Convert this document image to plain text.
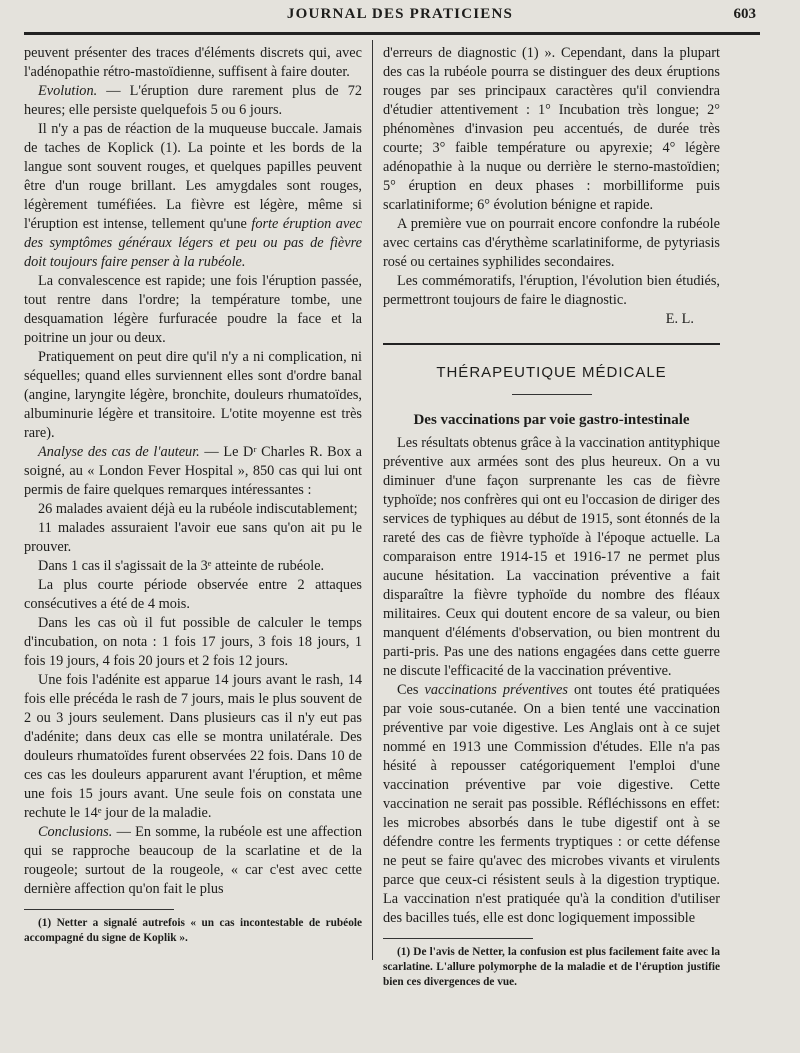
JOURNAL DES PRATICIENS	603

peuvent présenter des traces d'éléments discrets qui, avec l'adénopathie rétro-mastoïdienne, suffisent à faire douter.

Evolution. — L'éruption dure rarement plus de 72 heures; elle persiste quelquefois 5 ou 6 jours.

Il n'y a pas de réaction de la muqueuse buccale. Jamais de taches de Koplick (1). La pointe et les bords de la langue sont souvent rouges, et quelques papilles peuvent être d'un rouge brillant. Les amygdales sont rouges, légèrement tuméfiées. La fièvre est légère, même si l'éruption est intense, tellement qu'une forte éruption avec des symptômes généraux légers et peu ou pas de fièvre doit toujours faire penser à la rubéole.

La convalescence est rapide; une fois l'éruption passée, tout rentre dans l'ordre; la température tombe, une desquamation légère furfuracée poudre la face et la poitrine un jour ou deux.

Pratiquement on peut dire qu'il n'y a ni complication, ni séquelles; quand elles surviennent elles sont d'ordre banal (angine, laryngite légère, bronchite, douleurs rhumatoïdes, albuminurie légère et transitoire. L'otite moyenne est très rare).

Analyse des cas de l'auteur. — Le Dʳ Charles R. Box a soigné, au « London Fever Hospital », 850 cas qui lui ont permis de faire quelques remarques intéressantes :

26 malades avaient déjà eu la rubéole indiscutablement;

11 malades assuraient l'avoir eue sans qu'on ait pu le prouver.

Dans 1 cas il s'agissait de la 3ᵉ atteinte de rubéole.

La plus courte période observée entre 2 attaques consécutives a été de 4 mois.

Dans les cas où il fut possible de calculer le temps d'incubation, on nota : 1 fois 17 jours, 3 fois 18 jours, 1 fois 19 jours, 4 fois 20 jours et 2 fois 12 jours.

Une fois l'adénite est apparue 14 jours avant le rash, 14 fois elle précéda le rash de 7 jours, mais le plus souvent de 2 ou 3 jours seulement. Dans plusieurs cas il n'y eut pas d'adénite; dans deux cas elle se montra unilatérale. Des douleurs rhumatoïdes furent observées 22 fois. Dans 10 de ces cas les douleurs apparurent avant l'éruption, et même une fois 15 jours avant. Une seule fois on constata une rechute le 14ᵉ jour de la maladie.

Conclusions. — En somme, la rubéole est une affection qui se rapproche beaucoup de la scarlatine et de la rougeole; surtout de la rougeole, « car c'est avec cette dernière affection qu'on fait le plus

(1) Netter a signalé autrefois « un cas incontestable de rubéole accompagné du signe de Koplik ».

d'erreurs de diagnostic (1) ». Cependant, dans la plupart des cas la rubéole pourra se distinguer des deux éruptions rouges par ses principaux caractères qu'il conviendra d'étudier attentivement : 1° Incubation très longue; 2° phénomènes d'invasion peu accentués, de durée très courte; 3° faible température ou apyrexie; 4° légère adénopathie à la nuque ou derrière le sterno-mastoïdien; 5° éruption en deux phases : morbilliforme puis scarlatiniforme; 6° évolution bénigne et rapide.

A première vue on pourrait encore confondre la rubéole avec certains cas d'érythème scarlatiniforme, de pytyriasis rosé ou certaines syphilides secondaires.

Les commémoratifs, l'éruption, l'évolution bien étudiés, permettront toujours de faire le diagnostic.

E. L.

THÉRAPEUTIQUE MÉDICALE

Des vaccinations par voie gastro-intestinale

Les résultats obtenus grâce à la vaccination antityphique préventive aux armées sont des plus heureux. On a vu diminuer d'une façon surprenante les cas de fièvre typhoïde; nos confrères qui ont eu l'occasion de diriger des services de typhiques au début de 1915, sont étonnés de la rareté des cas de fièvre typhoïde à l'époque actuelle. La comparaison entre 1914-15 et 1916-17 ne permet plus aucune hésitation. La vaccination préventive a fait disparaître la fièvre typhoïde du nombre des fléaux militaires. Ceux qui doutent encore de sa valeur, ou bien manquent d'éléments d'observation, ou bien montrent du parti-pris. Pas une des nations engagées dans cette guerre ne discute l'efficacité de la vaccination préventive.

Ces vaccinations préventives ont toutes été pratiquées par voie sous-cutanée. On a bien tenté une vaccination préventive par voie digestive. Les Anglais ont à ce sujet nommé en 1913 une Commission d'études. Elle n'a pas hésité à repousser catégoriquement l'emploi d'une vaccination préventive par voie digestive. Cette vaccination ne serait pas possible. Réfléchissons en effet: les microbes absorbés dans le tube digestif ont à se défendre contre les ferments tryptiques : or cette défense ne peut se faire qu'avec des microbes vivants et virulents parce que ceux-ci résistent seuls à la digestion tryptique. La vaccination n'est pratiquée qu'à la condition d'utiliser des bacilles tués, elle est donc logiquement impossible

(1) De l'avis de Netter, la confusion est plus facilement faite avec la scarlatine. L'allure polymorphe de la maladie et de l'éruption justifie bien ces divergences de vue.
